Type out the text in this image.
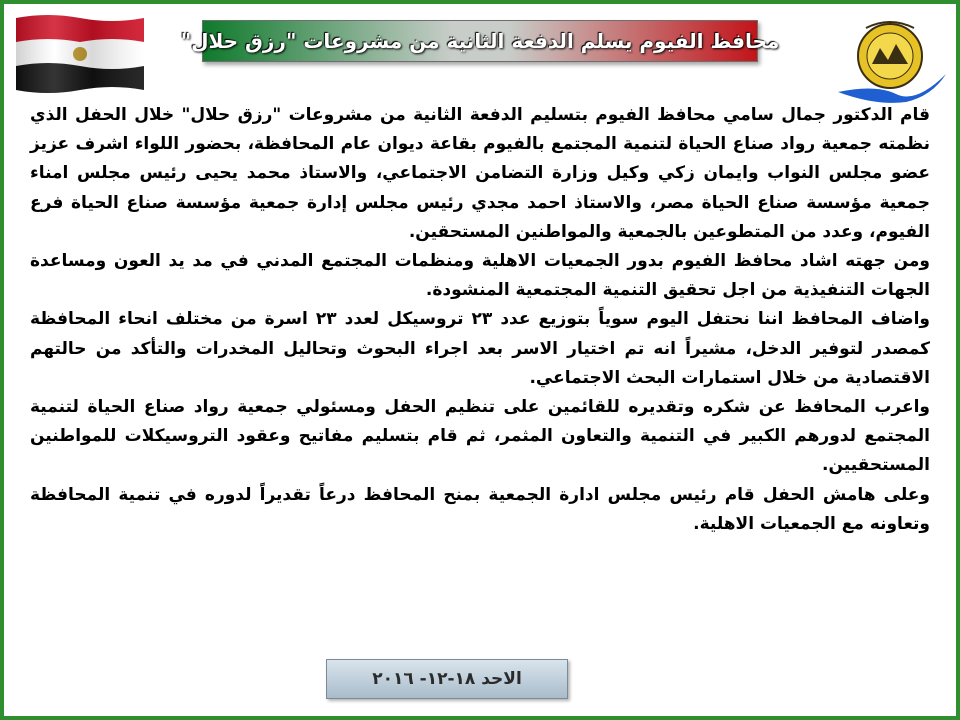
محافظ الفيوم يسلم الدفعة الثانية من مشروعات "رزق حلال"

قام الدكتور جمال سامي محافظ الفيوم بتسليم الدفعة الثانية من مشروعات "رزق حلال" خلال الحفل الذي نظمته جمعية رواد صناع الحياة لتنمية المجتمع بالفيوم بقاعة ديوان عام المحافظة، بحضور اللواء اشرف عزيز عضو مجلس النواب وايمان زكي وكيل وزارة التضامن الاجتماعي، والاستاذ محمد يحيى رئيس مجلس امناء جمعية مؤسسة صناع الحياة مصر، والاستاذ احمد مجدي رئيس مجلس إدارة جمعية مؤسسة صناع الحياة فرع الفيوم، وعدد من المتطوعين بالجمعية والمواطنين المستحقين.

ومن جهته اشاد محافظ الفيوم بدور الجمعيات الاهلية ومنظمات المجتمع المدني في مد يد العون ومساعدة الجهات التنفيذية من اجل تحقيق التنمية المجتمعية المنشودة.

واضاف المحافظ اننا نحتفل اليوم سوياً بتوزيع عدد ٢٣ تروسيكل لعدد ٢٣ اسرة من مختلف انحاء المحافظة كمصدر لتوفير الدخل، مشيراً انه تم اختيار الاسر بعد اجراء البحوث وتحاليل المخدرات والتأكد من حالتهم الاقتصادية من خلال استمارات البحث الاجتماعي.

واعرب المحافظ عن شكره وتقديره للقائمين على تنظيم الحفل ومسئولي جمعية رواد صناع الحياة لتنمية المجتمع لدورهم الكبير في التنمية والتعاون المثمر، ثم قام بتسليم مفاتيح وعقود التروسيكلات للمواطنين المستحقيين.

وعلى هامش الحفل قام رئيس مجلس ادارة الجمعية بمنح المحافظ درعاً تقديراً لدوره في تنمية المحافظة وتعاونه مع الجمعيات الاهلية.

الاحد ١٨-١٢- ٢٠١٦
